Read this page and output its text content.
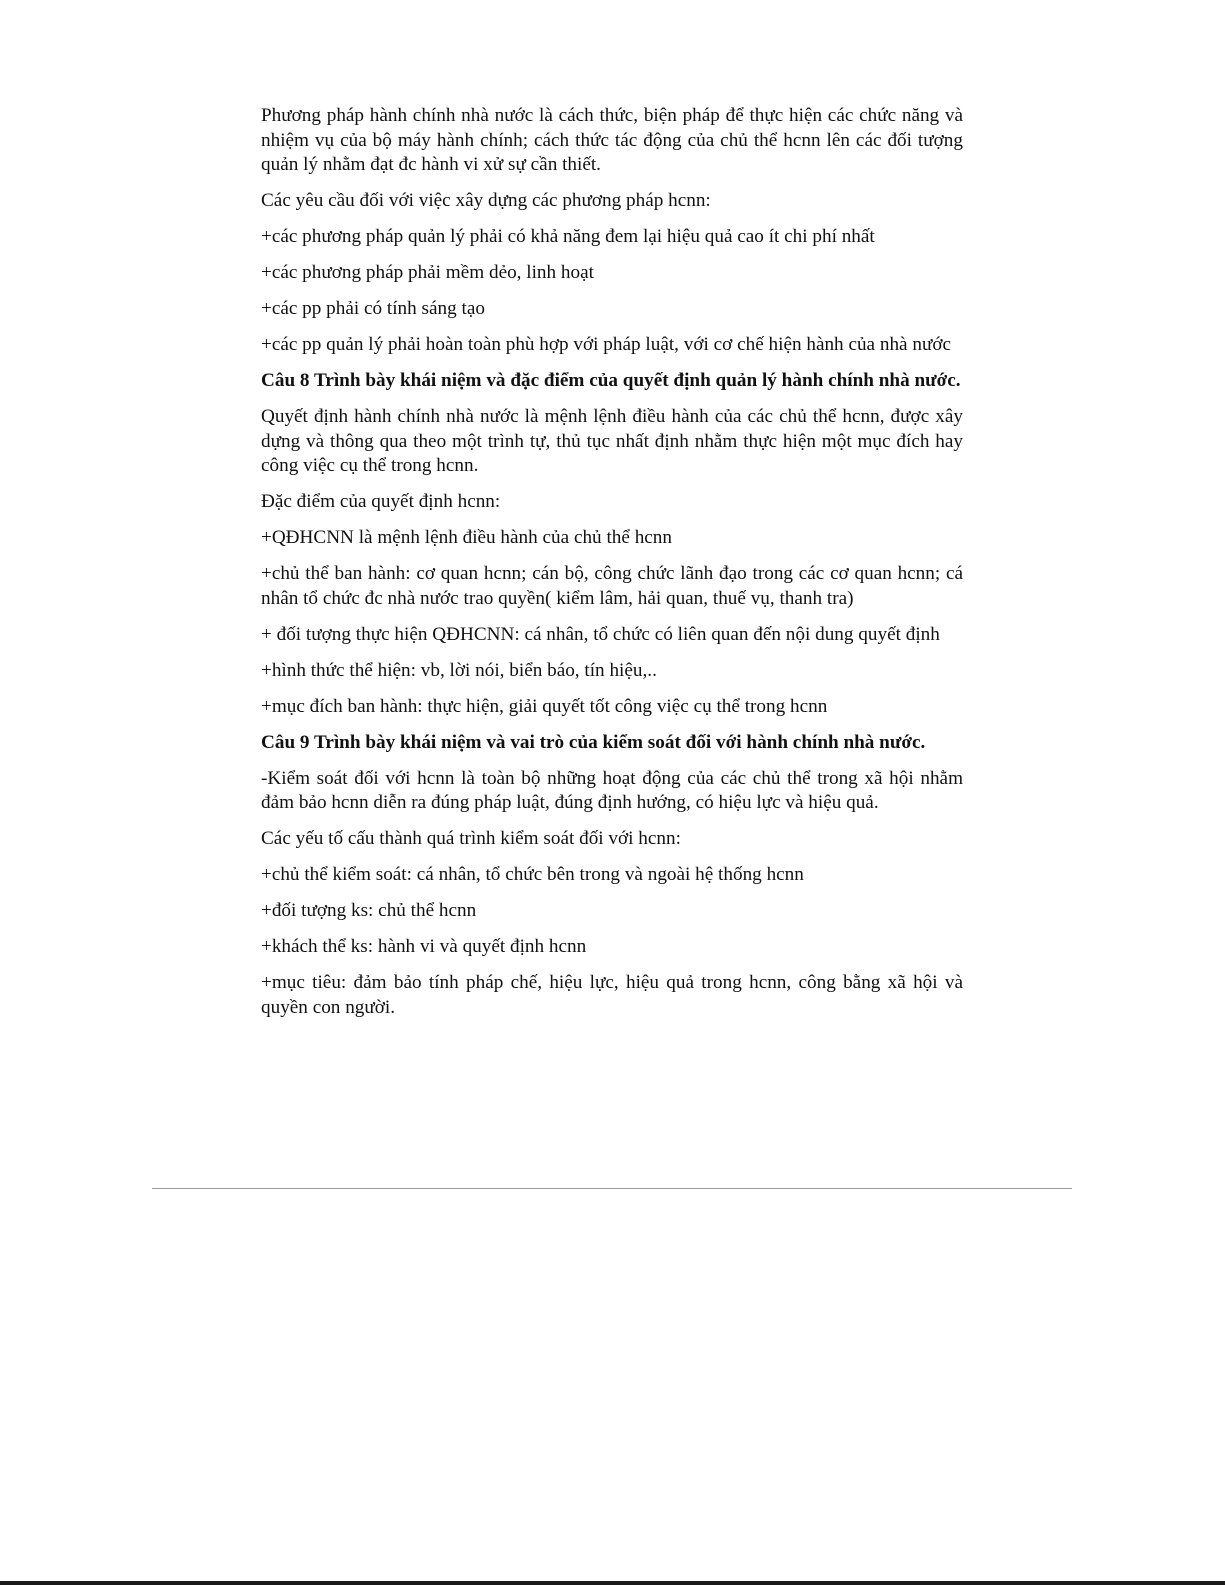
Phương pháp hành chính nhà nước là cách thức, biện pháp để thực hiện các chức năng và nhiệm vụ của bộ máy hành chính; cách thức tác động của chủ thể hcnn lên các đối tượng quản lý nhằm đạt đc hành vi xử sự cần thiết.

Các yêu cầu đối với việc xây dựng các phương pháp hcnn:

+các phương pháp quản lý phải có khả năng đem lại hiệu quả cao ít chi phí nhất

+các phương pháp phải mềm dẻo, linh hoạt

+các pp phải có tính sáng tạo

+các pp quản lý phải hoàn toàn phù hợp với pháp luật, với cơ chế hiện hành của nhà nước

Câu 8 Trình bày khái niệm và đặc điểm của quyết định quản lý hành chính nhà nước.

Quyết định hành chính nhà nước là mệnh lệnh điều hành của các chủ thể hcnn, được xây dựng và thông qua theo một trình tự, thủ tục nhất định nhằm thực hiện một mục đích hay công việc cụ thể trong hcnn.

Đặc điểm của quyết định hcnn:

+QĐHCNN là mệnh lệnh điều hành của chủ thể hcnn

+chủ thể ban hành: cơ quan hcnn; cán bộ, công chức lãnh đạo trong các cơ quan hcnn; cá nhân tổ chức đc nhà nước trao quyền( kiểm lâm, hải quan, thuế vụ, thanh tra)

+ đối tượng thực hiện QĐHCNN: cá nhân, tổ chức có liên quan đến nội dung quyết định

+hình thức thể hiện: vb, lời nói, biển báo, tín hiệu,..

+mục đích ban hành: thực hiện, giải quyết tốt công việc cụ thể trong hcnn

Câu 9 Trình bày khái niệm và vai trò của kiểm soát đối với hành chính nhà nước.

-Kiểm soát đối với hcnn là toàn bộ những hoạt động của các chủ thể trong xã hội nhằm đảm bảo hcnn diễn ra đúng pháp luật, đúng định hướng, có hiệu lực và hiệu quả.

Các yếu tố cấu thành quá trình kiểm soát đối với hcnn:

+chủ thể kiểm soát: cá nhân, tổ chức bên trong và ngoài hệ thống hcnn

+đối tượng ks: chủ thể hcnn

+khách thể ks: hành vi và quyết định hcnn

+mục tiêu: đảm bảo tính pháp chế, hiệu lực, hiệu quả trong hcnn, công bằng xã hội và quyền con người.
